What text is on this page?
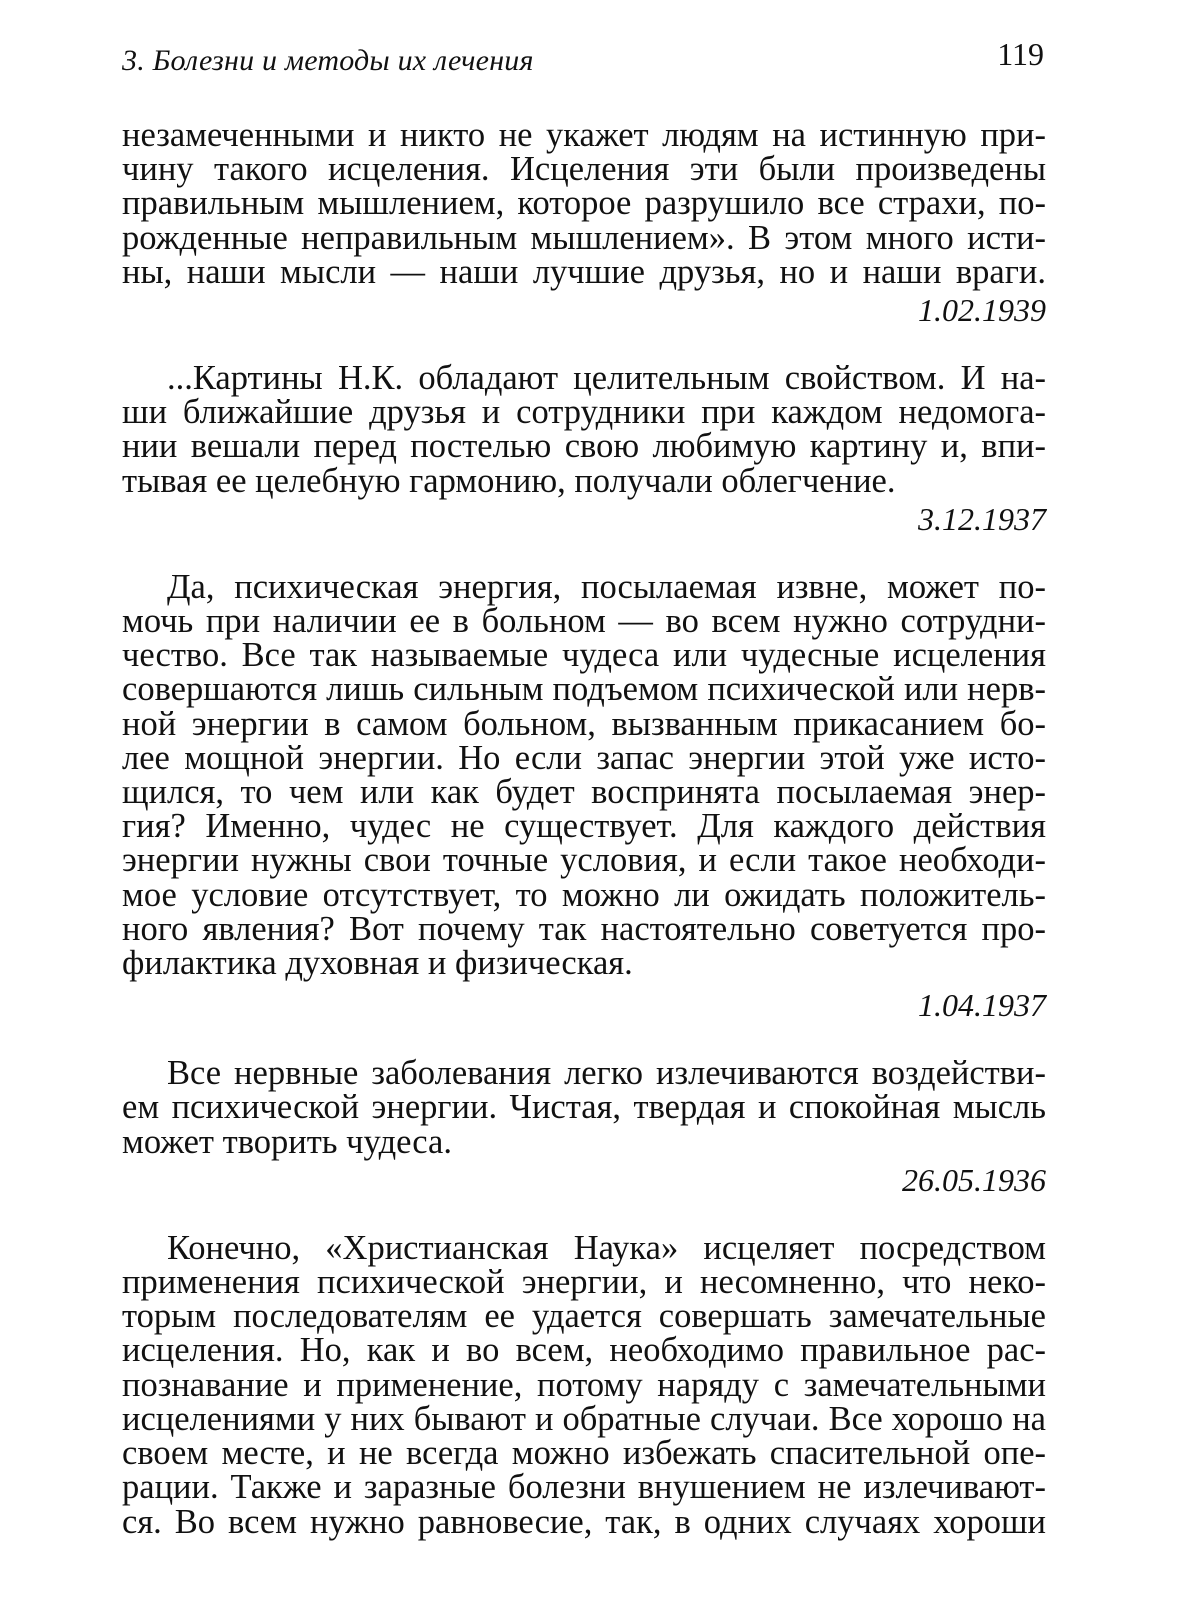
3. Болезни и методы их лечения	119
незамеченными и никто не укажет людям на истинную при-
чину такого исцеления. Исцеления эти были произведены
правильным мышлением, которое разрушило все страхи, по-
рожденные неправильным мышлением». В этом много исти-
ны, наши мысли — наши лучшие друзья, но и наши враги.
1.02.1939
...Картины Н.К. обладают целительным свойством. И на-
ши ближайшие друзья и сотрудники при каждом недомога-
нии вешали перед постелью свою любимую картину и, впи-
тывая ее целебную гармонию, получали облегчение.
3.12.1937
Да, психическая энергия, посылаемая извне, может по-
мочь при наличии ее в больном — во всем нужно сотрудни-
чество. Все так называемые чудеса или чудесные исцеления
совершаются лишь сильным подъемом психической или нерв-
ной энергии в самом больном, вызванным прикасанием бо-
лее мощной энергии. Но если запас энергии этой уже исто-
щился, то чем или как будет воспринята посылаемая энер-
гия? Именно, чудес не существует. Для каждого действия
энергии нужны свои точные условия, и если такое необходи-
мое условие отсутствует, то можно ли ожидать положитель-
ного явления? Вот почему так настоятельно советуется про-
филактика духовная и физическая.
1.04.1937
Все нервные заболевания легко излечиваются воздействи-
ем психической энергии. Чистая, твердая и спокойная мысль
может творить чудеса.
26.05.1936
Конечно, «Христианская Наука» исцеляет посредством
применения психической энергии, и несомненно, что неко-
торым последователям ее удается совершать замечательные
исцеления. Но, как и во всем, необходимо правильное рас-
познавание и применение, потому наряду с замечательными
исцелениями у них бывают и обратные случаи. Все хорошо на
своем месте, и не всегда можно избежать спасительной опе-
рации. Также и заразные болезни внушением не излечивают-
ся. Во всем нужно равновесие, так, в одних случаях хороши
